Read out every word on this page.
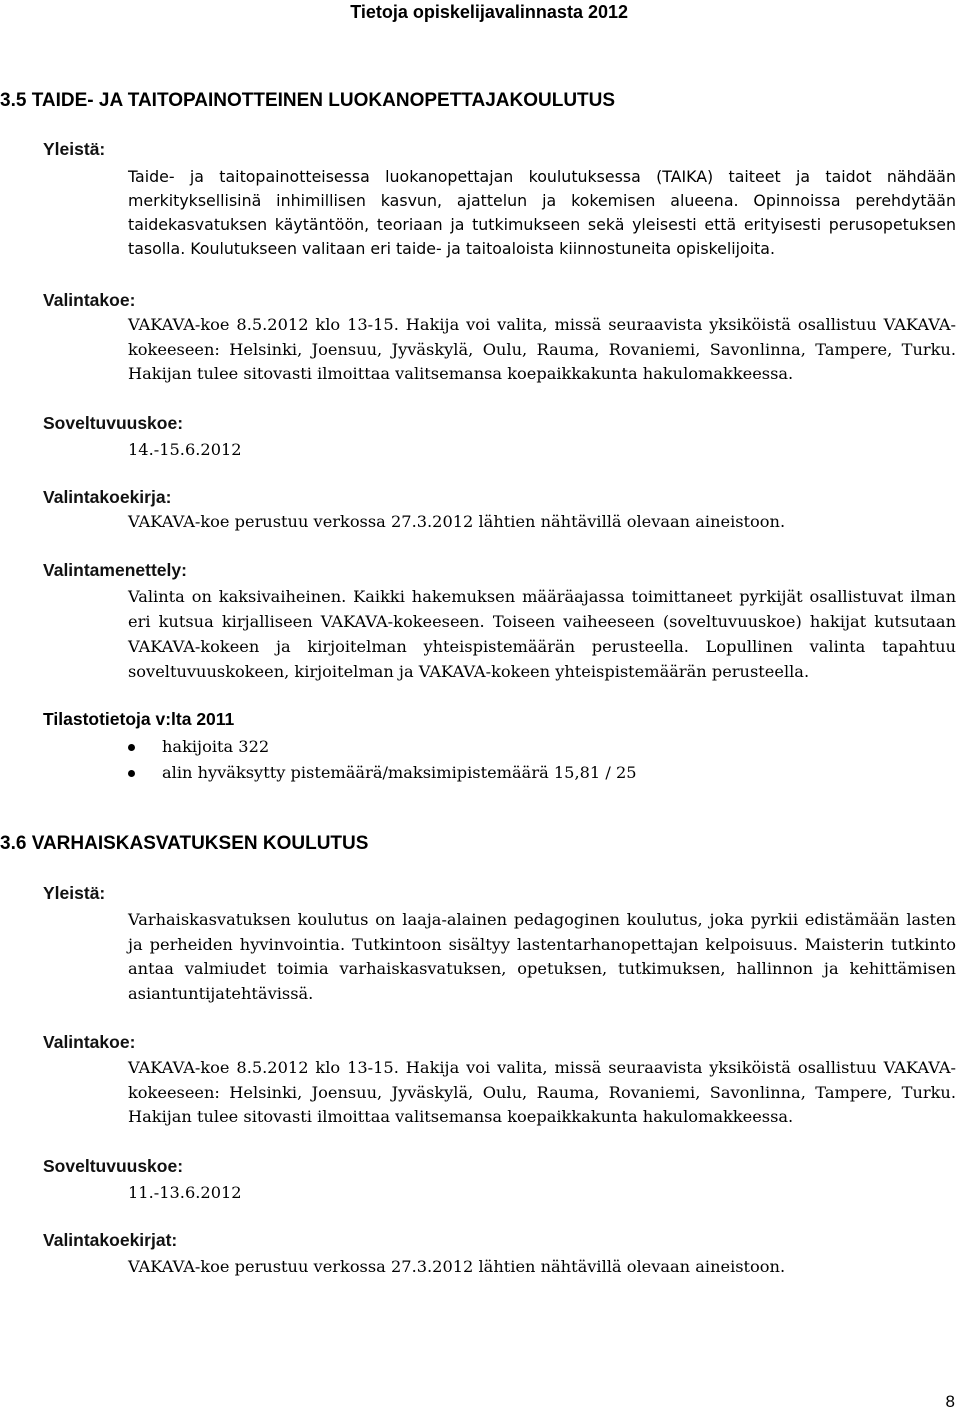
Tietoja opiskelijavalinnasta 2012
3.5 TAIDE- JA TAITOPAINOTTEINEN LUOKANOPETTAJAKOULUTUS
Yleistä:
Taide- ja taitopainotteisessa luokanopettajan koulutuksessa (TAIKA) taiteet ja taidot nähdään merkityksellisinä inhimillisen kasvun, ajattelun ja kokemisen alueena. Opinnoissa perehdytään taidekasvatuksen käytäntöön, teoriaan ja tutkimukseen sekä yleisesti että erityisesti perusopetuksen tasolla. Koulutukseen valitaan eri taide- ja taitoaloista kiinnostuneita opiskelijoita.
Valintakoe:
VAKAVA-koe 8.5.2012 klo 13-15. Hakija voi valita, missä seuraavista yksiköistä osallistuu VAKAVA-kokeeseen: Helsinki, Joensuu, Jyväskylä, Oulu, Rauma, Rovaniemi, Savonlinna, Tampere, Turku. Hakijan tulee sitovasti ilmoittaa valitsemansa koepaikkakunta hakulomakkeessa.
Soveltuvuuskoe:
14.-15.6.2012
Valintakoekirja:
VAKAVA-koe perustuu verkossa 27.3.2012 lähtien nähtävillä olevaan aineistoon.
Valintamenettely:
Valinta on kaksivaiheinen. Kaikki hakemuksen määräajassa toimittaneet pyrkijät osallistuvat ilman eri kutsua kirjalliseen VAKAVA-kokeeseen. Toiseen vaiheeseen (soveltuvuuskoe) hakijat kutsutaan VAKAVA-kokeen ja kirjoitelman yhteispistemäärän perusteella. Lopullinen valinta tapahtuu soveltuvuuskokeen, kirjoitelman ja VAKAVA-kokeen yhteispistemäärän perusteella.
Tilastotietoja v:lta 2011
hakijoita 322
alin hyväksytty pistemäärä/maksimipistemäärä 15,81 / 25
3.6 VARHAISKASVATUKSEN KOULUTUS
Yleistä:
Varhaiskasvatuksen koulutus on laaja-alainen pedagoginen koulutus, joka pyrkii edistämään lasten ja perheiden hyvinvointia. Tutkintoon sisältyy lastentarhanopettajan kelpoisuus. Maisterin tutkinto antaa valmiudet toimia varhaiskasvatuksen, opetuksen, tutkimuksen, hallinnon ja kehittämisen asiantuntijatehtävissä.
Valintakoe:
VAKAVA-koe 8.5.2012 klo 13-15. Hakija voi valita, missä seuraavista yksiköistä osallistuu VAKAVA-kokeeseen: Helsinki, Joensuu, Jyväskylä, Oulu, Rauma, Rovaniemi, Savonlinna, Tampere, Turku. Hakijan tulee sitovasti ilmoittaa valitsemansa koepaikkakunta hakulomakkeessa.
Soveltuvuuskoe:
11.-13.6.2012
Valintakoekirjat:
VAKAVA-koe perustuu verkossa 27.3.2012 lähtien nähtävillä olevaan aineistoon.
8
